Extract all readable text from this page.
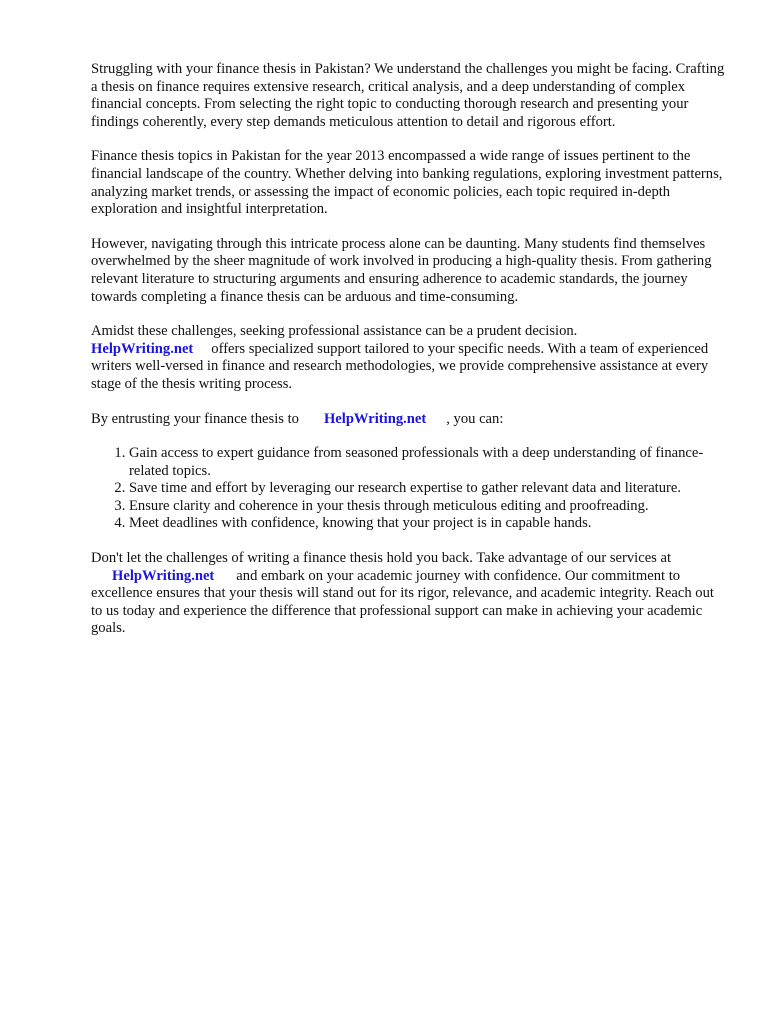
Struggling with your finance thesis in Pakistan? We understand the challenges you might be facing. Crafting a thesis on finance requires extensive research, critical analysis, and a deep understanding of complex financial concepts. From selecting the right topic to conducting thorough research and presenting your findings coherently, every step demands meticulous attention to detail and rigorous effort.

Finance thesis topics in Pakistan for the year 2013 encompassed a wide range of issues pertinent to the financial landscape of the country. Whether delving into banking regulations, exploring investment patterns, analyzing market trends, or assessing the impact of economic policies, each topic required in-depth exploration and insightful interpretation.

However, navigating through this intricate process alone can be daunting. Many students find themselves overwhelmed by the sheer magnitude of work involved in producing a high-quality thesis. From gathering relevant literature to structuring arguments and ensuring adherence to academic standards, the journey towards completing a finance thesis can be arduous and time-consuming.

Amidst these challenges, seeking professional assistance can be a prudent decision.
HelpWriting.net offers specialized support tailored to your specific needs. With a team of experienced writers well-versed in finance and research methodologies, we provide comprehensive assistance at every stage of the thesis writing process.

By entrusting your finance thesis to HelpWriting.net , you can:

1. Gain access to expert guidance from seasoned professionals with a deep understanding of finance-related topics.
2. Save time and effort by leveraging our research expertise to gather relevant data and literature.
3. Ensure clarity and coherence in your thesis through meticulous editing and proofreading.
4. Meet deadlines with confidence, knowing that your project is in capable hands.

Don't let the challenges of writing a finance thesis hold you back. Take advantage of our services at
HelpWriting.net and embark on your academic journey with confidence. Our commitment to excellence ensures that your thesis will stand out for its rigor, relevance, and academic integrity. Reach out to us today and experience the difference that professional support can make in achieving your academic goals.
